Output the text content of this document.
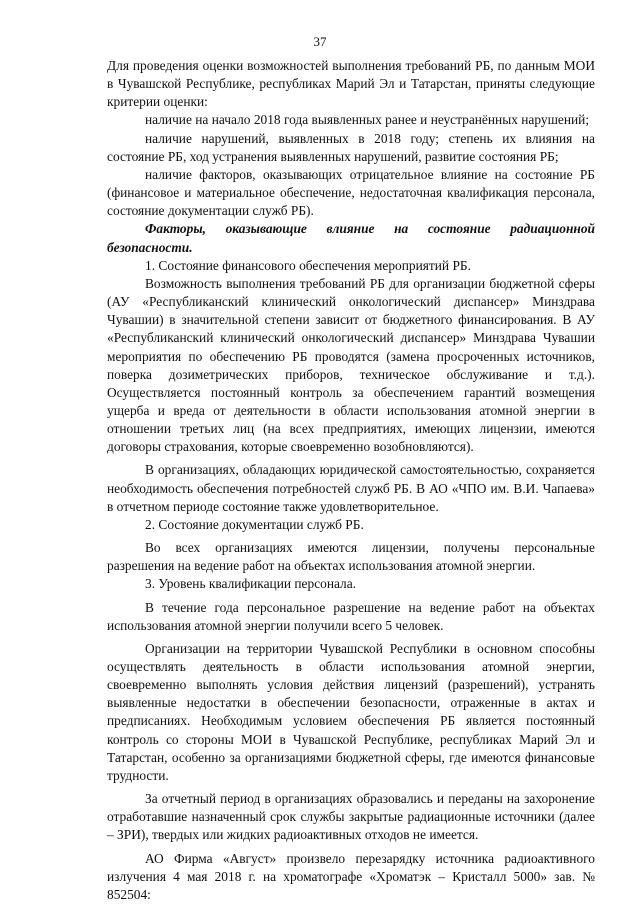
37

Для проведения оценки возможностей выполнения требований РБ, по данным МОИ в Чувашской Республике, республиках Марий Эл и Татарстан, приняты следующие критерии оценки:

наличие на начало 2018 года выявленных ранее и неустранённых нарушений;

наличие нарушений, выявленных в 2018 году; степень их влияния на состояние РБ, ход устранения выявленных нарушений, развитие состояния РБ;

наличие факторов, оказывающих отрицательное влияние на состояние РБ (финансовое и материальное обеспечение, недостаточная квалификация персонала, состояние документации служб РБ).

Факторы, оказывающие влияние на состояние радиационной безопасности.

1. Состояние финансового обеспечения мероприятий РБ.

Возможность выполнения требований РБ для организации бюджетной сферы (АУ «Республиканский клинический онкологический диспансер» Минздрава Чувашии) в значительной степени зависит от бюджетного финансирования. В АУ «Республиканский клинический онкологический диспансер» Минздрава Чувашии мероприятия по обеспечению РБ проводятся (замена просроченных источников, поверка дозиметрических приборов, техническое обслуживание и т.д.). Осуществляется постоянный контроль за обеспечением гарантий возмещения ущерба и вреда от деятельности в области использования атомной энергии в отношении третьих лиц (на всех предприятиях, имеющих лицензии, имеются договоры страхования, которые своевременно возобновляются).

В организациях, обладающих юридической самостоятельностью, сохраняется необходимость обеспечения потребностей служб РБ. В АО «ЧПО им. В.И. Чапаева» в отчетном периоде состояние также удовлетворительное.

2. Состояние документации служб РБ.

Во всех организациях имеются лицензии, получены персональные разрешения на ведение работ на объектах использования атомной энергии.

3. Уровень квалификации персонала.

В течение года персональное разрешение на ведение работ на объектах использования атомной энергии получили всего 5 человек.

Организации на территории Чувашской Республики в основном способны осуществлять деятельность в области использования атомной энергии, своевременно выполнять условия действия лицензий (разрешений), устранять выявленные недостатки в обеспечении безопасности, отраженные в актах и предписаниях. Необходимым условием обеспечения РБ является постоянный контроль со стороны МОИ в Чувашской Республике, республиках Марий Эл и Татарстан, особенно за организациями бюджетной сферы, где имеются финансовые трудности.

За отчетный период в организациях образовались и переданы на захоронение отработавшие назначенный срок службы закрытые радиационные источники (далее – ЗРИ), твердых или жидких радиоактивных отходов не имеется.

АО Фирма «Август» произвело перезарядку источника радиоактивного излучения 4 мая 2018 г. на хроматографе «Хроматэк – Кристалл 5000» зав. № 852504:
